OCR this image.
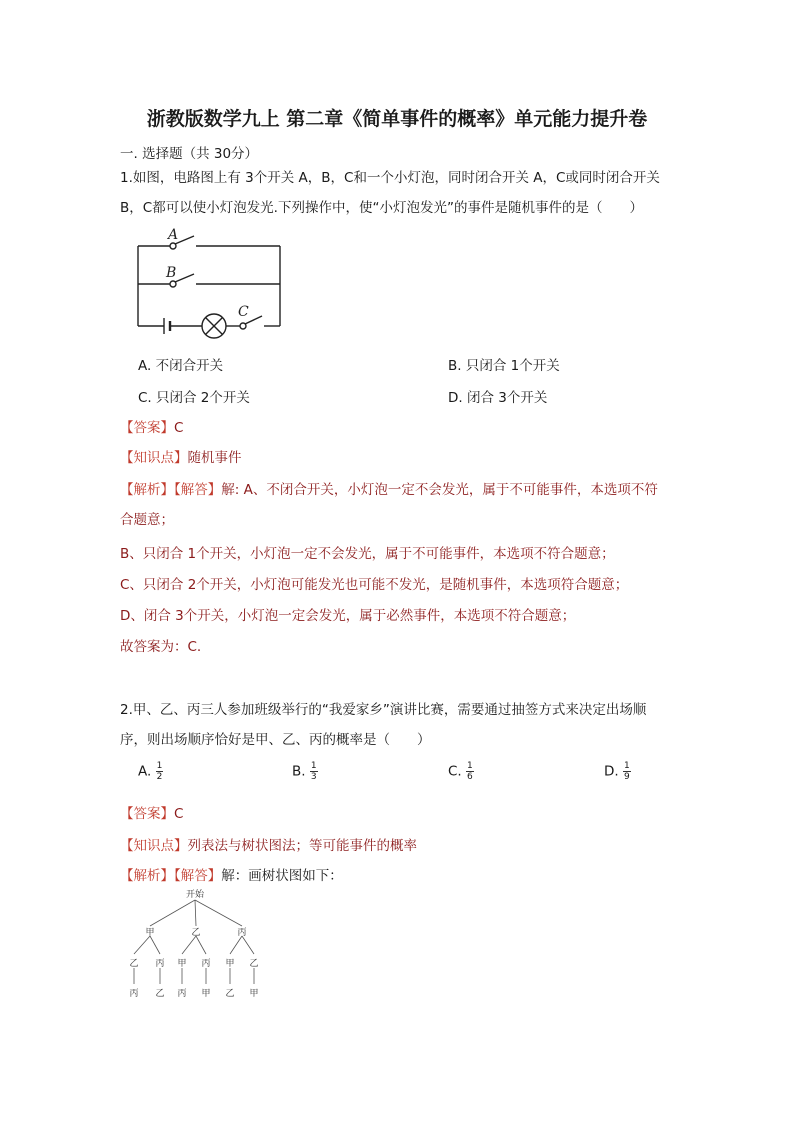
浙教版数学九上 第二章《简单事件的概率》单元能力提升卷
一. 选择题（共 30分）
1.如图，电路图上有 3个开关 A，B，C和一个小灯泡，同时闭合开关 A，C或同时闭合开关
B，C都可以使小灯泡发光.下列操作中，使“小灯泡发光”的事件是随机事件的是（　　）
A
B
C
A. 不闭合开关	B. 只闭合 1个开关
C. 只闭合 2个开关	D. 闭合 3个开关
【答案】C
【知识点】随机事件
【解析】【解答】解: A、不闭合开关，小灯泡一定不会发光，属于不可能事件，本选项不符
合题意；
B、只闭合 1个开关，小灯泡一定不会发光，属于不可能事件，本选项不符合题意；
C、只闭合 2个开关，小灯泡可能发光也可能不发光，是随机事件，本选项符合题意；
D、闭合 3个开关，小灯泡一定会发光，属于必然事件，本选项不符合题意；
故答案为：C.
2.甲、乙、丙三人参加班级举行的“我爱家乡”演讲比赛，需要通过抽签方式来决定出场顺
序，则出场顺序恰好是甲、乙、丙的概率是（　　）
A. $\frac{1}{2}$	B. $\frac{1}{3}$	C. $\frac{1}{6}$	D. $\frac{1}{9}$
【答案】C
【知识点】列表法与树状图法；等可能事件的概率
【解析】【解答】解：画树状图如下：
开始
甲	乙	丙
乙 丙 甲 丙 甲 乙
丙 乙 丙 甲 乙 甲
